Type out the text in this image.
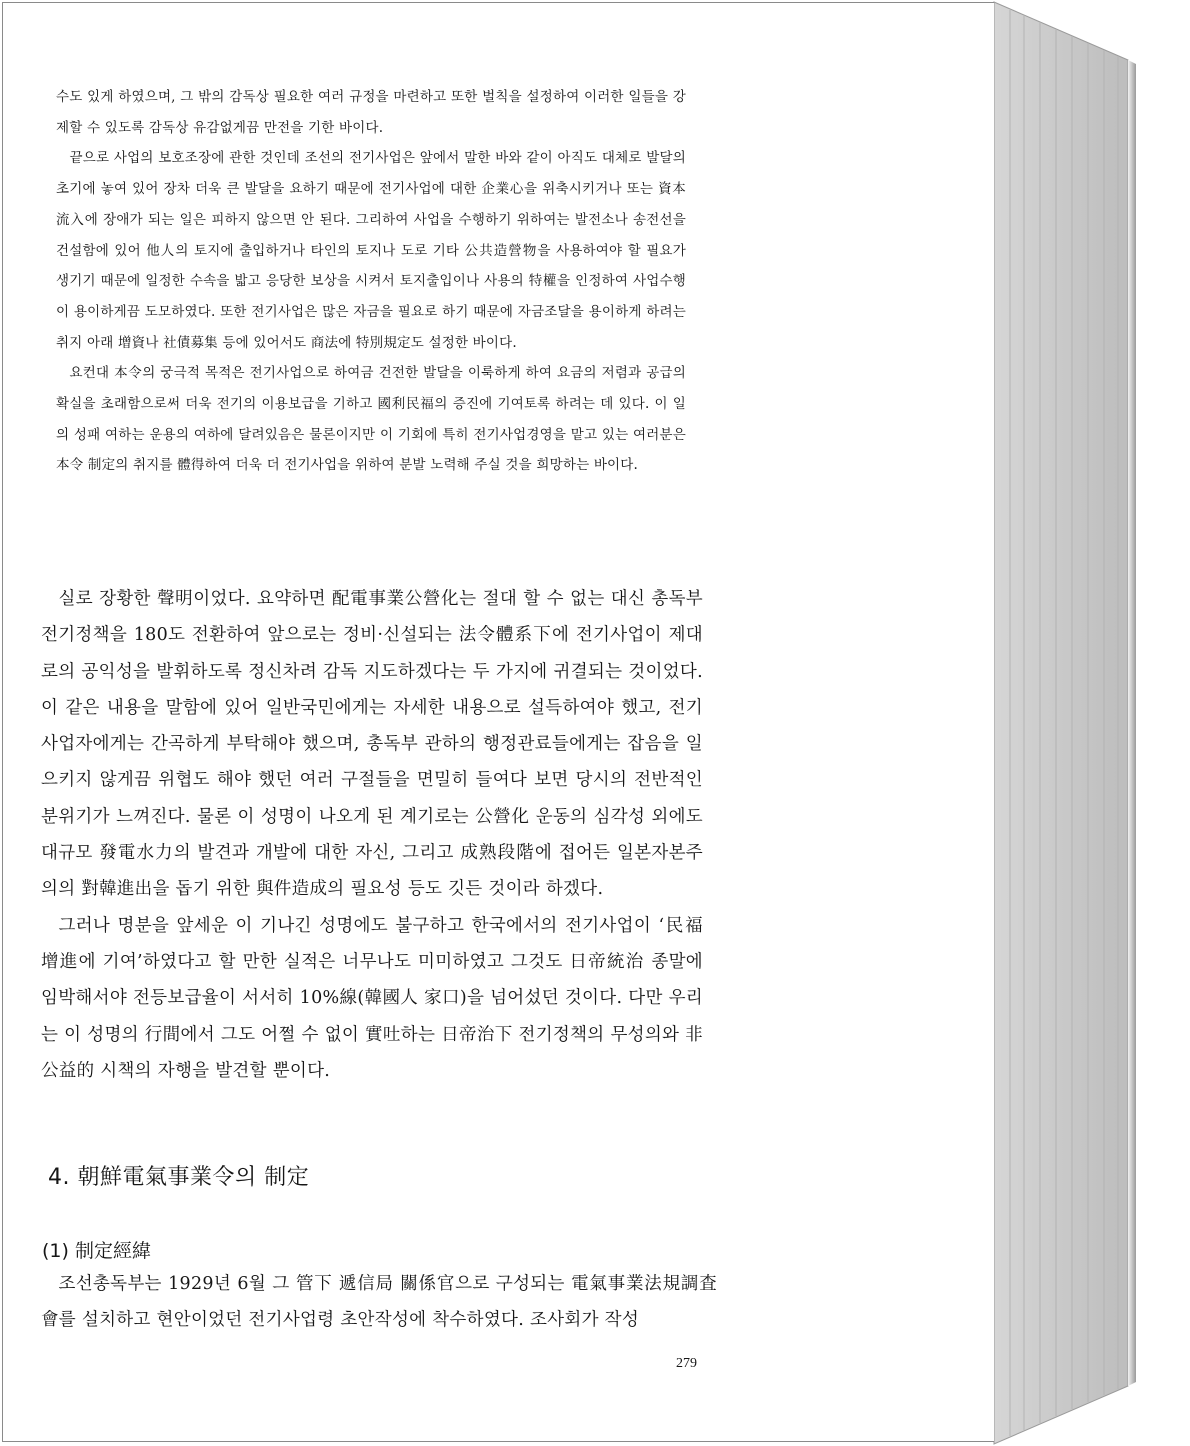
수도 있게 하였으며, 그 밖의 감독상 필요한 여러 규정을 마련하고 또한 벌칙을 설정하여 이러한 일들을 강제할 수 있도록 감독상 유감없게끔 만전을 기한 바이다.

끝으로 사업의 보호조장에 관한 것인데 조선의 전기사업은 앞에서 말한 바와 같이 아직도 대체로 발달의 초기에 놓여 있어 장차 더욱 큰 발달을 요하기 때문에 전기사업에 대한 企業心을 위축시키거나 또는 資本流入에 장애가 되는 일은 피하지 않으면 안 된다. 그리하여 사업을 수행하기 위하여는 발전소나 송전선을 건설함에 있어 他人의 토지에 출입하거나 타인의 토지나 도로 기타 公共造營物을 사용하여야 할 필요가 생기기 때문에 일정한 수속을 밟고 응당한 보상을 시켜서 토지출입이나 사용의 特權을 인정하여 사업수행이 용이하게끔 도모하였다. 또한 전기사업은 많은 자금을 필요로 하기 때문에 자금조달을 용이하게 하려는 취지 아래 增資나 社債募集 등에 있어서도 商法에 特別規定도 설정한 바이다.

요컨대 本令의 궁극적 목적은 전기사업으로 하여금 건전한 발달을 이룩하게 하여 요금의 저렴과 공급의 확실을 초래함으로써 더욱 전기의 이용보급을 기하고 國利民福의 증진에 기여토록 하려는 데 있다. 이 일의 성패 여하는 운용의 여하에 달려있음은 물론이지만 이 기회에 특히 전기사업경영을 맡고 있는 여러분은 本令 制定의 취지를 體得하여 더욱 더 전기사업을 위하여 분발 노력해 주실 것을 희망하는 바이다.

실로 장황한 聲明이었다. 요약하면 配電事業公營化는 절대 할 수 없는 대신 총독부 전기정책을 180도 전환하여 앞으로는 정비·신설되는 法令體系下에 전기사업이 제대로의 공익성을 발휘하도록 정신차려 감독 지도하겠다는 두 가지에 귀결되는 것이었다. 이 같은 내용을 말함에 있어 일반국민에게는 자세한 내용으로 설득하여야 했고, 전기사업자에게는 간곡하게 부탁해야 했으며, 총독부 관하의 행정관료들에게는 잡음을 일으키지 않게끔 위협도 해야 했던 여러 구절들을 면밀히 들여다 보면 당시의 전반적인 분위기가 느껴진다. 물론 이 성명이 나오게 된 계기로는 公營化 운동의 심각성 외에도 대규모 發電水力의 발견과 개발에 대한 자신, 그리고 成熟段階에 접어든 일본자본주의의 對韓進出을 돕기 위한 與件造成의 필요성 등도 깃든 것이라 하겠다.

그러나 명분을 앞세운 이 기나긴 성명에도 불구하고 한국에서의 전기사업이 ‘民福增進에 기여’하였다고 할 만한 실적은 너무나도 미미하였고 그것도 日帝統治 종말에 임박해서야 전등보급율이 서서히 10%線(韓國人 家口)을 넘어섰던 것이다. 다만 우리는 이 성명의 行間에서 그도 어쩔 수 없이 實吐하는 日帝治下 전기정책의 무성의와 非公益的 시책의 자행을 발견할 뿐이다.

4. 朝鮮電氣事業令의 制定
(1) 制定經緯

조선총독부는 1929년 6월 그 管下 遞信局 關係官으로 구성되는 電氣事業法規調査會를 설치하고 현안이었던 전기사업령 초안작성에 착수하였다. 조사회가 작성

279
